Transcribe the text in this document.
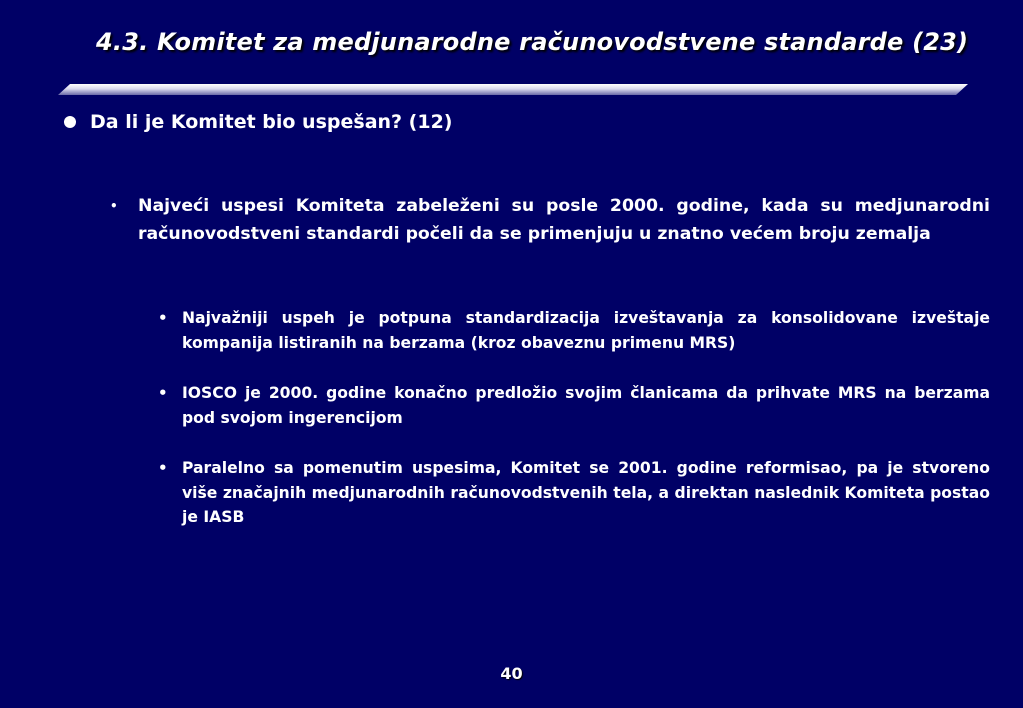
4.3. Komitet za medjunarodne računovodstvene standarde (23)
Da li je Komitet bio uspešan? (12)
•	Najveći uspesi Komiteta zabeleženi su posle 2000. godine, kada su medjunarodni računovodstveni standardi počeli da se primenjuju u znatno većem broju zemalja
• Najvažniji uspeh je potpuna standardizacija izveštavanja za konsolidovane izveštaje kompanija listiranih na berzama (kroz obaveznu primenu MRS)
• IOSCO je 2000. godine konačno predložio svojim članicama da prihvate MRS na berzama pod svojom ingerencijom
• Paralelno sa pomenutim uspesima, Komitet se 2001. godine reformisao, pa je stvoreno više značajnih medjunarodnih računovodstvenih tela, a direktan naslednik Komiteta postao je IASB
40
